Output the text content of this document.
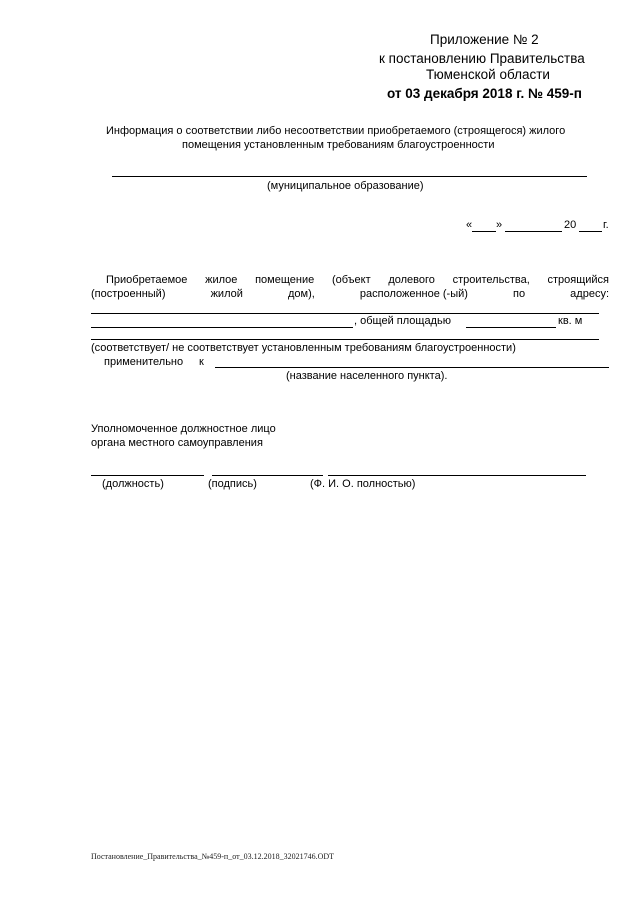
Приложение № 2
к постановлению Правительства
Тюменской области
от 03 декабря 2018 г. № 459-п
Информация о соответствии либо несоответствии приобретаемого (строящегося) жилого
помещения установленным требованиям благоустроенности
(муниципальное образование)
« »	20 г.
Приобретаемое жилое помещение (объект долевого строительства, строящийся
(построенный)	жилой	дом),	расположенное (-ый)	по	адресу:
, общей площадью	кв. м
(соответствует/ не соответствует установленным требованиям благоустроенности)
применительно к
(название населенного пункта).
Уполномоченное должностное лицо
органа местного самоуправления
(должность)	(подпись)	(Ф. И. О. полностью)
Постановление_Правительства_№459-п_от_03.12.2018_32021746.ODT
